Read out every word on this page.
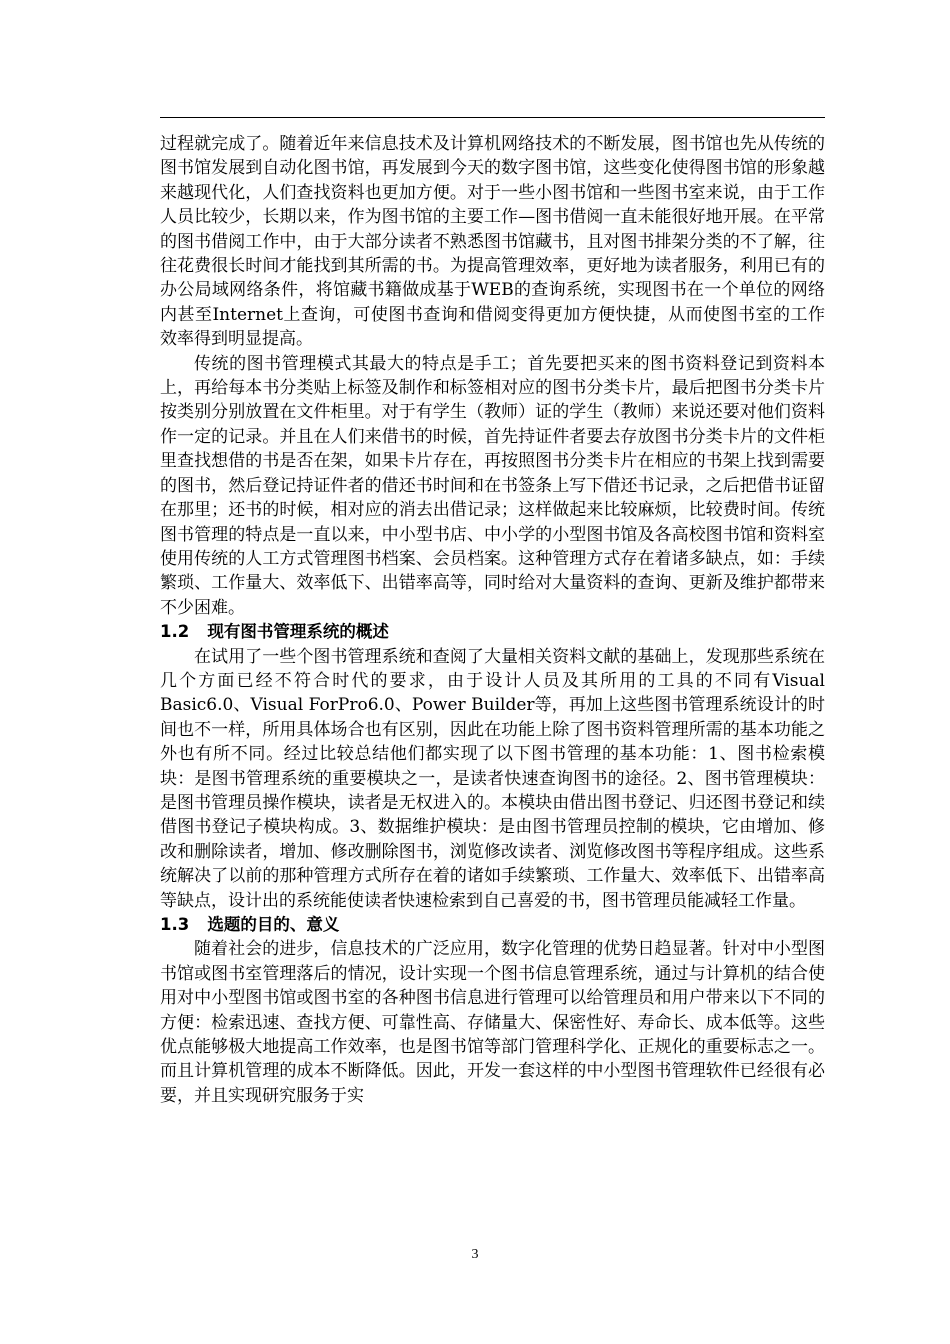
过程就完成了。随着近年来信息技术及计算机网络技术的不断发展，图书馆也先从传统的图书馆发展到自动化图书馆，再发展到今天的数字图书馆，这些变化使得图书馆的形象越来越现代化，人们查找资料也更加方便。对于一些小图书馆和一些图书室来说，由于工作人员比较少，长期以来，作为图书馆的主要工作—图书借阅一直未能很好地开展。在平常的图书借阅工作中，由于大部分读者不熟悉图书馆藏书，且对图书排架分类的不了解，往往花费很长时间才能找到其所需的书。为提高管理效率，更好地为读者服务，利用已有的办公局域网络条件，将馆藏书籍做成基于WEB的查询系统，实现图书在一个单位的网络内甚至Internet上查询，可使图书查询和借阅变得更加方便快捷，从而使图书室的工作效率得到明显提高。

传统的图书管理模式其最大的特点是手工；首先要把买来的图书资料登记到资料本上，再给每本书分类贴上标签及制作和标签相对应的图书分类卡片，最后把图书分类卡片按类别分别放置在文件柜里。对于有学生（教师）证的学生（教师）来说还要对他们资料作一定的记录。并且在人们来借书的时候，首先持证件者要去存放图书分类卡片的文件柜里查找想借的书是否在架，如果卡片存在，再按照图书分类卡片在相应的书架上找到需要的图书，然后登记持证件者的借还书时间和在书签条上写下借还书记录，之后把借书证留在那里；还书的时候，相对应的消去出借记录；这样做起来比较麻烦，比较费时间。传统图书管理的特点是一直以来，中小型书店、中小学的小型图书馆及各高校图书馆和资料室使用传统的人工方式管理图书档案、会员档案。这种管理方式存在着诸多缺点，如：手续繁琐、工作量大、效率低下、出错率高等，同时给对大量资料的查询、更新及维护都带来不少困难。

1.2 现有图书管理系统的概述

在试用了一些个图书管理系统和查阅了大量相关资料文献的基础上，发现那些系统在几个方面已经不符合时代的要求，由于设计人员及其所用的工具的不同有Visual Basic6.0、Visual ForPro6.0、Power Builder等，再加上这些图书管理系统设计的时间也不一样，所用具体场合也有区别，因此在功能上除了图书资料管理所需的基本功能之外也有所不同。经过比较总结他们都实现了以下图书管理的基本功能：1、图书检索模块：是图书管理系统的重要模块之一，是读者快速查询图书的途径。2、图书管理模块：是图书管理员操作模块，读者是无权进入的。本模块由借出图书登记、归还图书登记和续借图书登记子模块构成。3、数据维护模块：是由图书管理员控制的模块，它由增加、修改和删除读者，增加、修改删除图书，浏览修改读者、浏览修改图书等程序组成。这些系统解决了以前的那种管理方式所存在着的诸如手续繁琐、工作量大、效率低下、出错率高等缺点，设计出的系统能使读者快速检索到自己喜爱的书，图书管理员能减轻工作量。

1.3 选题的目的、意义

随着社会的进步，信息技术的广泛应用，数字化管理的优势日趋显著。针对中小型图书馆或图书室管理落后的情况，设计实现一个图书信息管理系统，通过与计算机的结合使用对中小型图书馆或图书室的各种图书信息进行管理可以给管理员和用户带来以下不同的方便：检索迅速、查找方便、可靠性高、存储量大、保密性好、寿命长、成本低等。这些优点能够极大地提高工作效率，也是图书馆等部门管理科学化、正规化的重要标志之一。而且计算机管理的成本不断降低。因此，开发一套这样的中小型图书管理软件已经很有必要，并且实现研究服务于实

3
